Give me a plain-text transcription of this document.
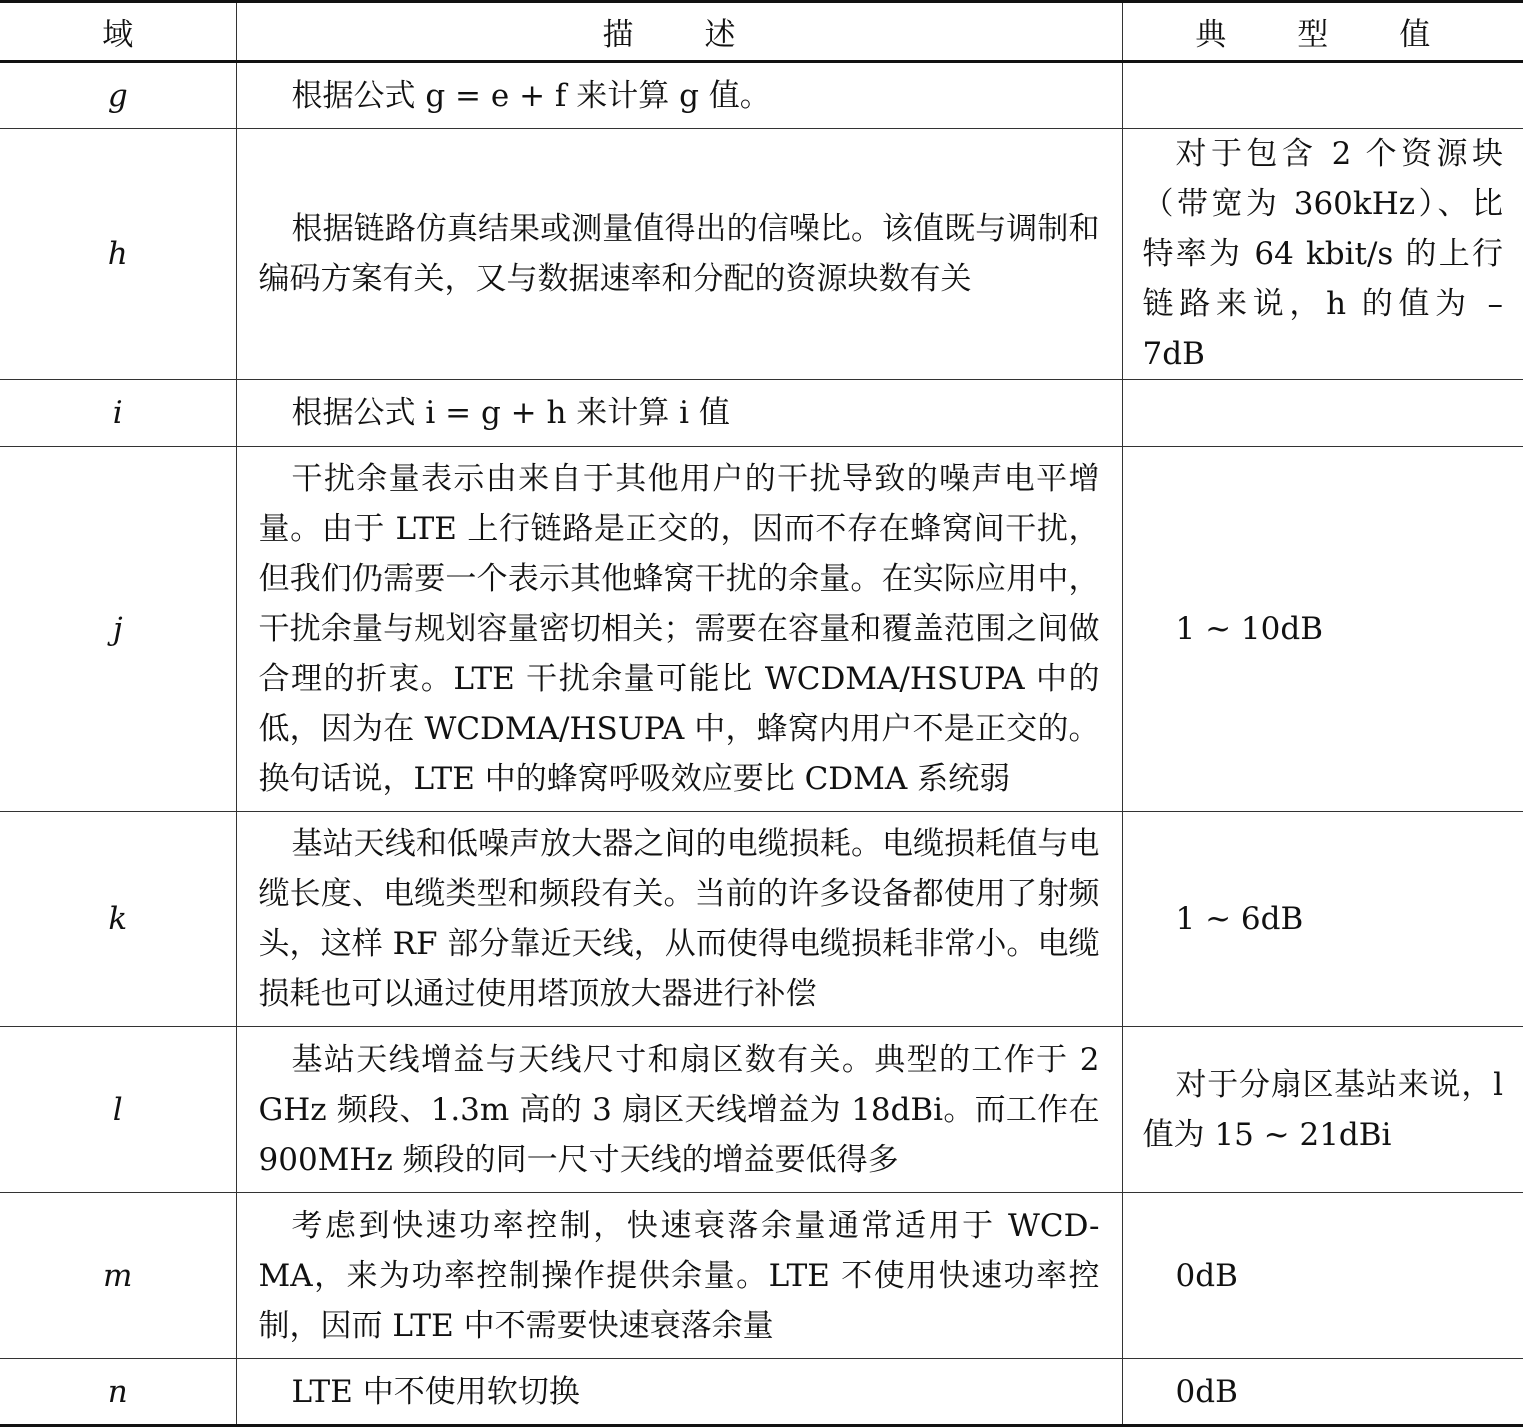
域	描　述	典　型　值
g	根据公式 g = e + f 来计算 g 值。	

h	根据链路仿真结果或测量值得出的信噪比。该值既与调制和编码方案有关，又与数据速率和分配的资源块数有关	对于包含 2 个资源块（带宽为 360kHz）、比特率为 64 kbit/s 的上行链路来说，h 的值为 –7dB

i	根据公式 i = g + h 来计算 i 值	

j	干扰余量表示由来自于其他用户的干扰导致的噪声电平增量。由于 LTE 上行链路是正交的，因而不存在蜂窝间干扰，但我们仍需要一个表示其他蜂窝干扰的余量。在实际应用中，干扰余量与规划容量密切相关；需要在容量和覆盖范围之间做合理的折衷。LTE 干扰余量可能比 WCDMA/HSUPA 中的低，因为在 WCDMA/HSUPA 中，蜂窝内用户不是正交的。换句话说，LTE 中的蜂窝呼吸效应要比 CDMA 系统弱	1 ~ 10dB

k	基站天线和低噪声放大器之间的电缆损耗。电缆损耗值与电缆长度、电缆类型和频段有关。当前的许多设备都使用了射频头，这样 RF 部分靠近天线，从而使得电缆损耗非常小。电缆损耗也可以通过使用塔顶放大器进行补偿	1 ~ 6dB

l	基站天线增益与天线尺寸和扇区数有关。典型的工作于 2 GHz 频段、1.3m 高的 3 扇区天线增益为 18dBi。而工作在 900MHz 频段的同一尺寸天线的增益要低得多	对于分扇区基站来说，l 值为 15 ~ 21dBi

m	考虑到快速功率控制，快速衰落余量通常适用于 WCD-MA，来为功率控制操作提供余量。LTE 不使用快速功率控制，因而 LTE 中不需要快速衰落余量	0dB

n	LTE 中不使用软切换	0dB
